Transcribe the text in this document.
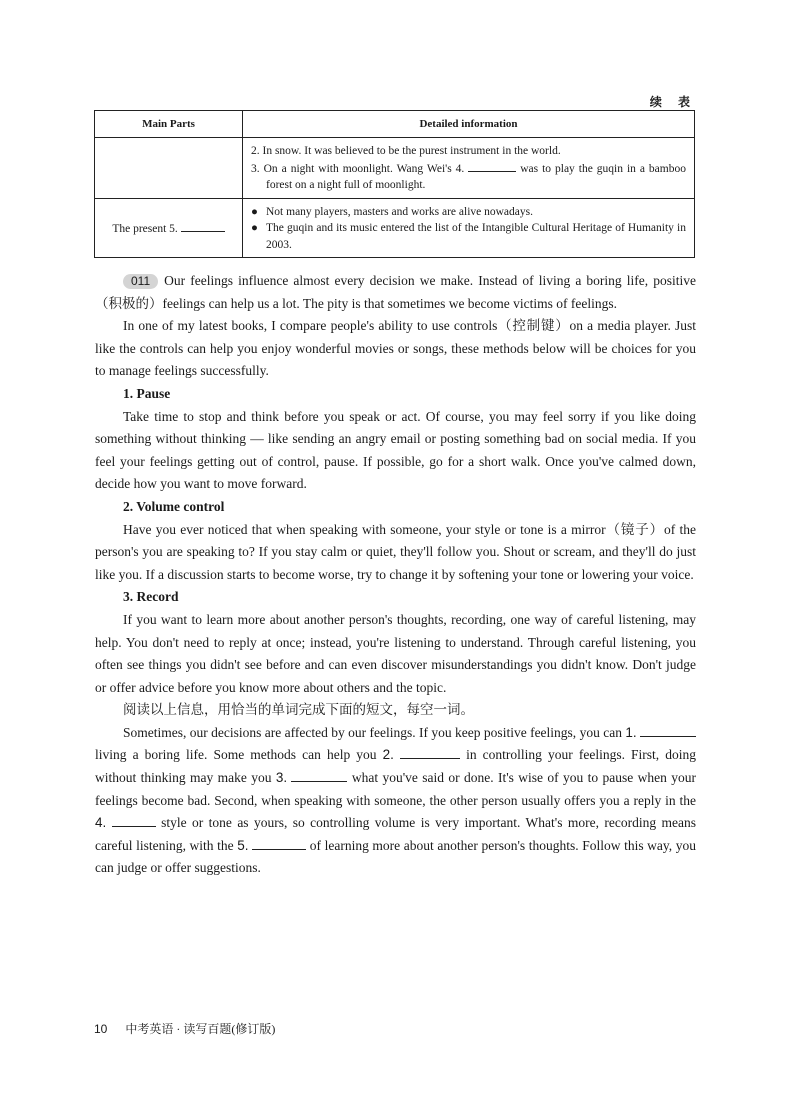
续 表
Main Parts	Detailed information

	2. In snow. It was believed to be the purest instrument in the world.
3. On a night with moonlight. Wang Wei's 4. was to play the guqin in a bamboo forest on a night full of moonlight.

The present 5.	● Not many players, masters and works are alive nowadays.
● The guqin and its music entered the list of the Intangible Cultural Heritage of Humanity in 2003.

011 Our feelings influence almost every decision we make. Instead of living a boring life, positive（积极的）feelings can help us a lot. The pity is that sometimes we become victims of feelings.

In one of my latest books, I compare people's ability to use controls（控制键）on a media player. Just like the controls can help you enjoy wonderful movies or songs, these methods below will be choices for you to manage feelings successfully.

1. Pause

Take time to stop and think before you speak or act. Of course, you may feel sorry if you like doing something without thinking — like sending an angry email or posting something bad on social media. If you feel your feelings getting out of control, pause. If possible, go for a short walk. Once you've calmed down, decide how you want to move forward.

2. Volume control

Have you ever noticed that when speaking with someone, your style or tone is a mirror（镜子）of the person's you are speaking to? If you stay calm or quiet, they'll follow you. Shout or scream, and they'll do just like you. If a discussion starts to become worse, try to change it by softening your tone or lowering your voice.

3. Record

If you want to learn more about another person's thoughts, recording, one way of careful listening, may help. You don't need to reply at once; instead, you're listening to understand. Through careful listening, you often see things you didn't see before and can even discover misunderstandings you didn't know. Don't judge or offer advice before you know more about others and the topic.

阅读以上信息，用恰当的单词完成下面的短文，每空一词。

Sometimes, our decisions are affected by our feelings. If you keep positive feelings, you can 1.  living a boring life. Some methods can help you 2.	in controlling your feelings. First, doing without thinking may make you 3.	what you've said or done. It's wise of you to pause when your feelings become bad. Second, when speaking with someone, the other person usually offers you a reply in the 4.	style or tone as yours, so controlling volume is very important. What's more, recording means careful listening, with the 5.	of learning more about another person's thoughts. Follow this way, you can judge or offer suggestions.

10 中考英语 · 读写百题(修订版)
